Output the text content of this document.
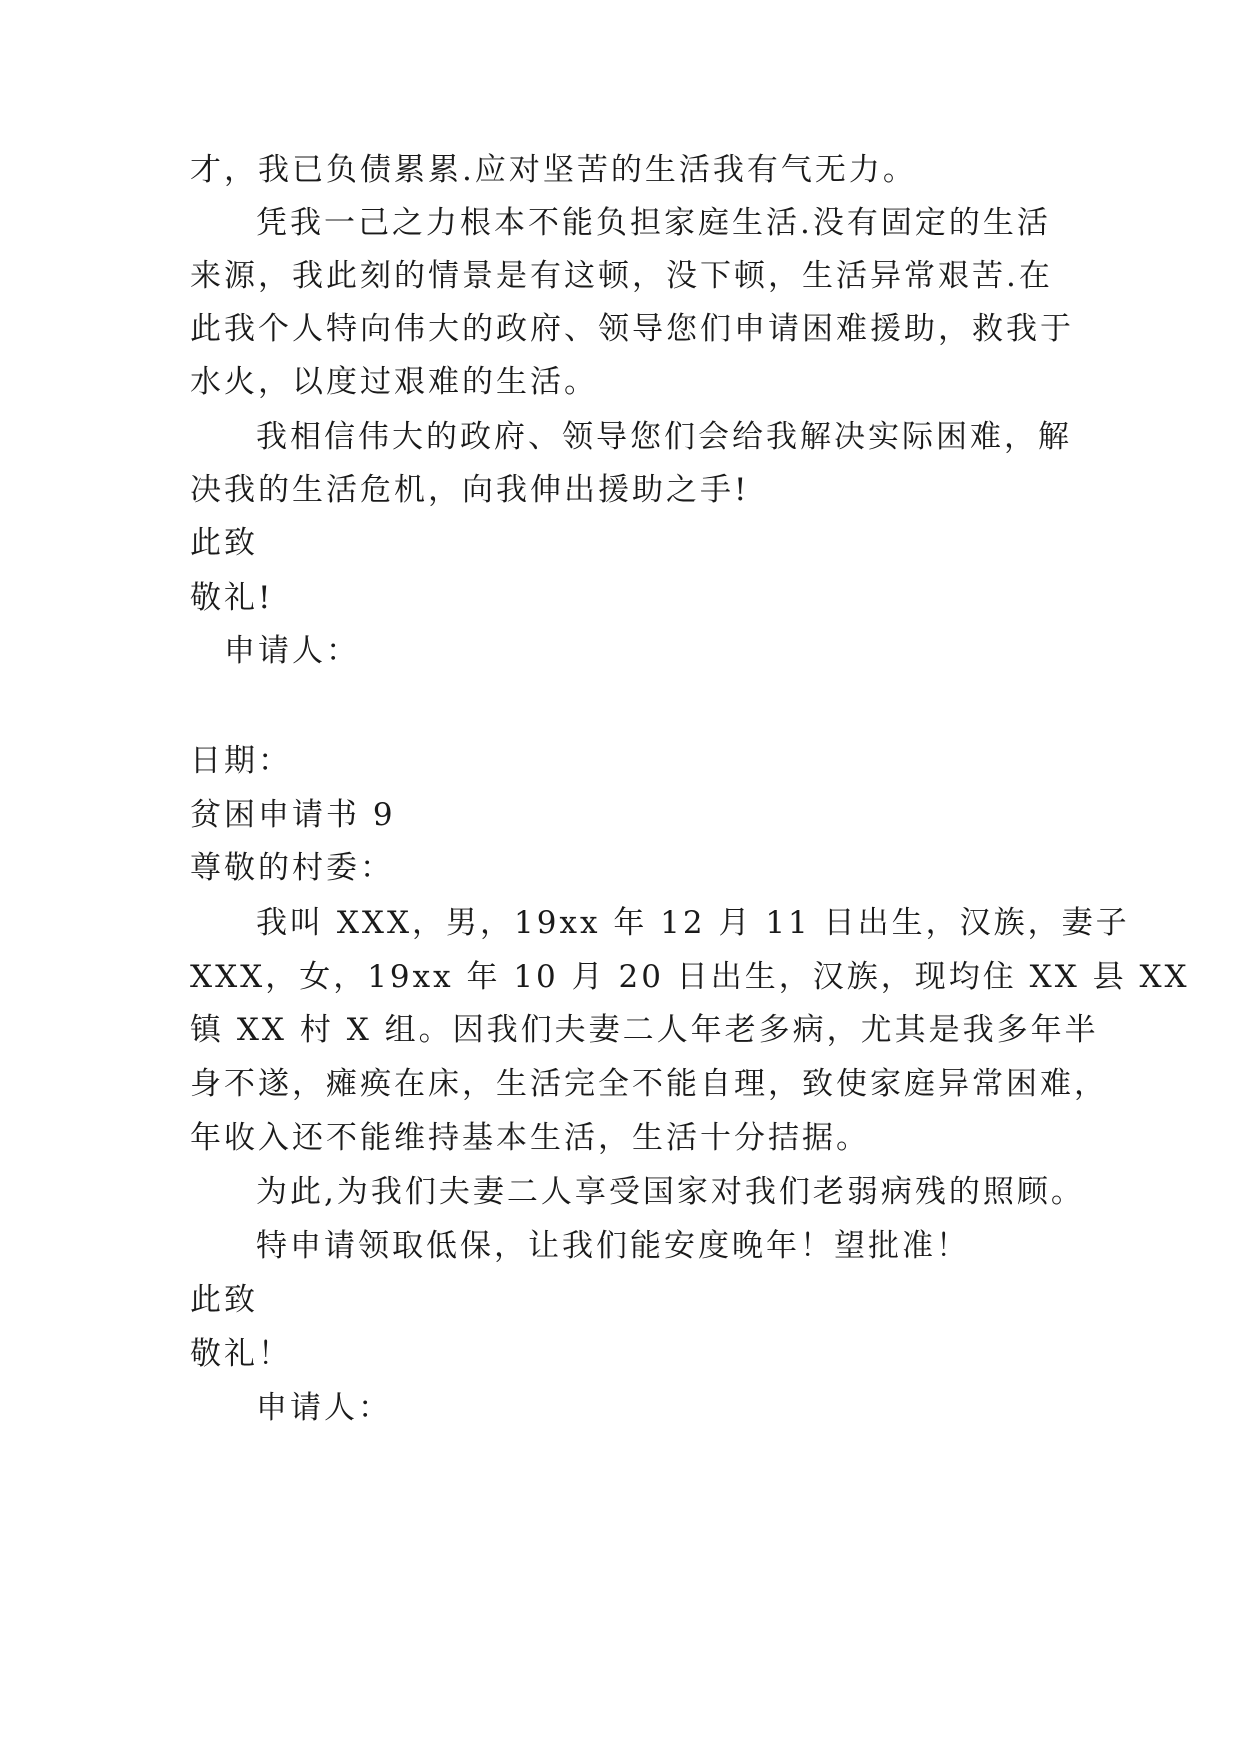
才，我已负债累累.应对坚苦的生活我有气无力。
凭我一己之力根本不能负担家庭生活.没有固定的生活
来源，我此刻的情景是有这顿，没下顿，生活异常艰苦.在
此我个人特向伟大的政府、领导您们申请困难援助，救我于
水火，以度过艰难的生活。
我相信伟大的政府、领导您们会给我解决实际困难，解
决我的生活危机，向我伸出援助之手!
此致
敬礼!
申请人：
日期：
贫困申请书 9
尊敬的村委：
我叫 XXX，男，19xx 年 12 月 11 日出生，汉族，妻子
XXX，女，19xx 年 10 月 20 日出生，汉族，现均住 XX 县 XX
镇 XX 村 X 组。因我们夫妻二人年老多病，尤其是我多年半
身不遂，瘫痪在床，生活完全不能自理，致使家庭异常困难，
年收入还不能维持基本生活，生活十分拮据。
为此,为我们夫妻二人享受国家对我们老弱病残的照顾。
特申请领取低保，让我们能安度晚年！望批准！
此致
敬礼！
申请人：
